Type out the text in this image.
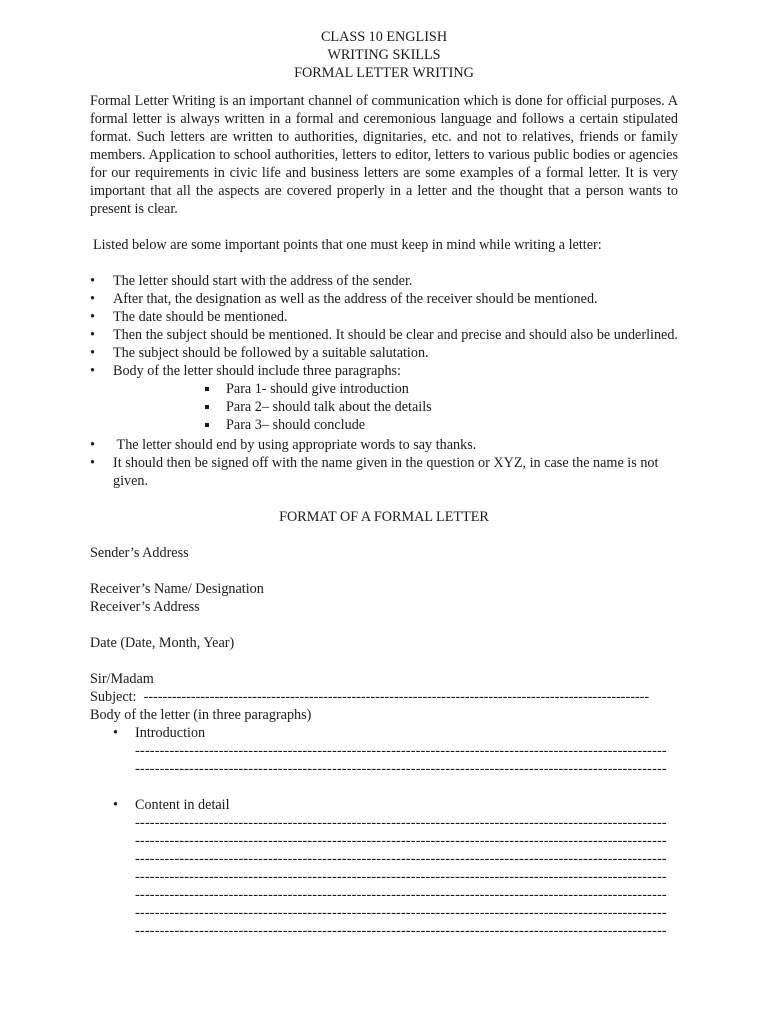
CLASS 10 ENGLISH
WRITING SKILLS
FORMAL LETTER WRITING

Formal Letter Writing is an important channel of communication which is done for official purposes. A formal letter is always written in a formal and ceremonious language and follows a certain stipulated format. Such letters are written to authorities, dignitaries, etc. and not to relatives, friends or family members. Application to school authorities, letters to editor, letters to various public bodies or agencies for our requirements in civic life and business letters are some examples of a formal letter. It is very important that all the aspects are covered properly in a letter and the thought that a person wants to present is clear.

Listed below are some important points that one must keep in mind while writing a letter:

• The letter should start with the address of the sender.
• After that, the designation as well as the address of the receiver should be mentioned.
• The date should be mentioned.
• Then the subject should be mentioned. It should be clear and precise and should also be underlined.
• The subject should be followed by a suitable salutation.
• Body of the letter should include three paragraphs:
Para 1- should give introduction
Para 2– should talk about the details
Para 3– should conclude
• The letter should end by using appropriate words to say thanks.
• It should then be signed off with the name given in the question or XYZ, in case the name is not given.
FORMAT OF A FORMAL LETTER
Sender’s Address
Receiver’s Name/ Designation
Receiver’s Address
Date (Date, Month, Year)
Sir/Madam
Subject: -----------------------------------------------------------------------------------------------------------
Body of the letter (in three paragraphs)
• Introduction
------------------------------------------------------------------------------------------------------------
------------------------------------------------------------------------------------------------------------
• Content in detail
------------------------------------------------------------------------------------------------------------
------------------------------------------------------------------------------------------------------------
------------------------------------------------------------------------------------------------------------
------------------------------------------------------------------------------------------------------------
------------------------------------------------------------------------------------------------------------
------------------------------------------------------------------------------------------------------------
------------------------------------------------------------------------------------------------------------
